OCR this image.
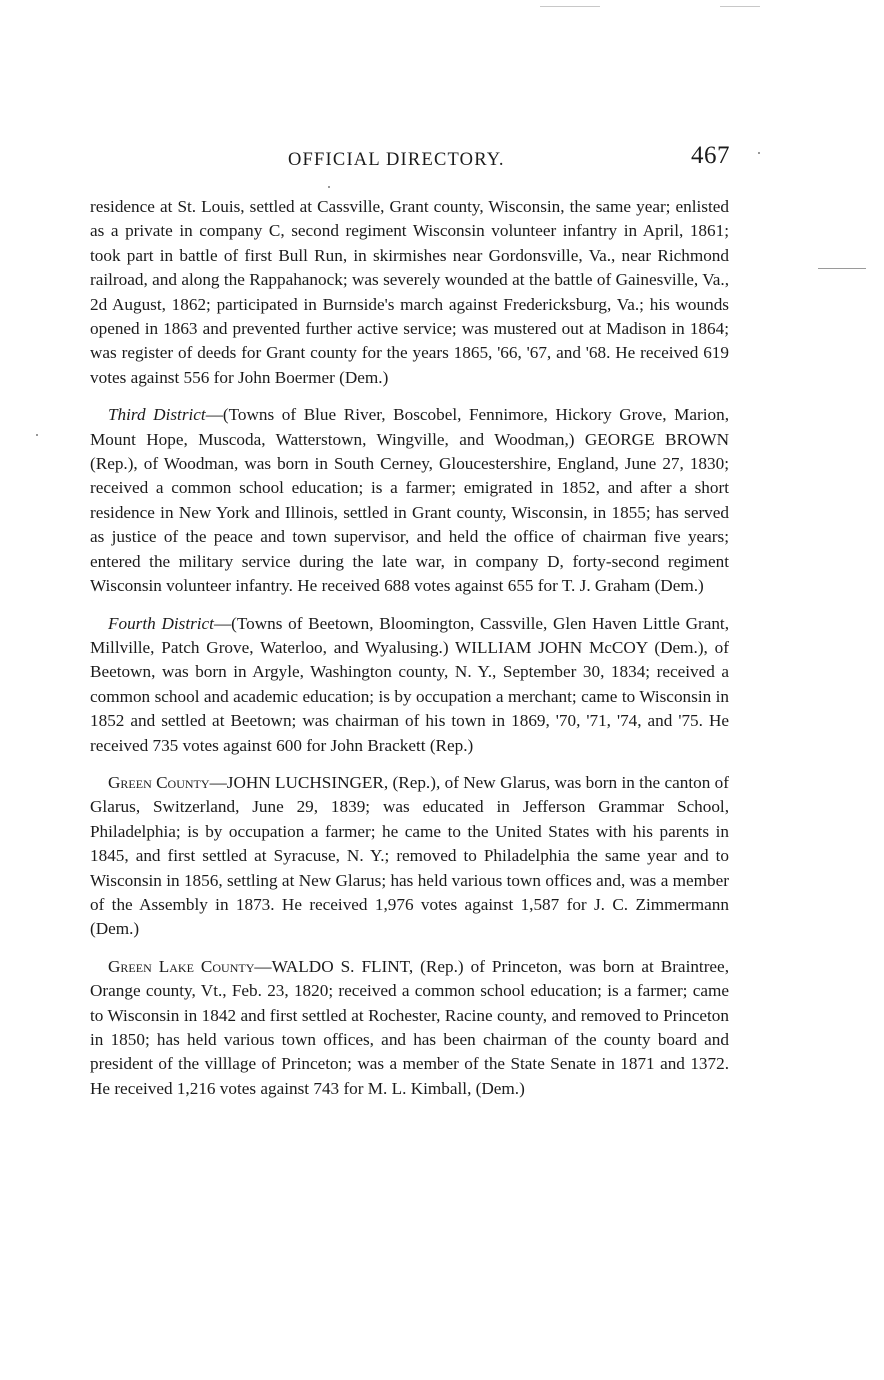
OFFICIAL DIRECTORY.	467

residence at St. Louis, settled at Cassville, Grant county, Wisconsin, the same year; enlisted as a private in company C, second regiment Wisconsin volunteer infantry in April, 1861; took part in battle of first Bull Run, in skirmishes near Gordonsville, Va., near Richmond railroad, and along the Rappahanock; was severely wounded at the battle of Gainesville, Va., 2d August, 1862; participated in Burnside's march against Fredericksburg, Va.; his wounds opened in 1863 and prevented further active service; was mustered out at Madison in 1864; was register of deeds for Grant county for the years 1865, '66, '67, and '68. He received 619 votes against 556 for John Boermer (Dem.)

Third District—(Towns of Blue River, Boscobel, Fennimore, Hickory Grove, Marion, Mount Hope, Muscoda, Watterstown, Wingville, and Woodman,) GEORGE BROWN (Rep.), of Woodman, was born in South Cerney, Gloucestershire, England, June 27, 1830; received a common school education; is a farmer; emigrated in 1852, and after a short residence in New York and Illinois, settled in Grant county, Wisconsin, in 1855; has served as justice of the peace and town supervisor, and held the office of chairman five years; entered the military service during the late war, in company D, forty-second regiment Wisconsin volunteer infantry. He received 688 votes against 655 for T. J. Graham (Dem.)

Fourth District—(Towns of Beetown, Bloomington, Cassville, Glen Haven Little Grant, Millville, Patch Grove, Waterloo, and Wyalusing.) WILLIAM JOHN McCOY (Dem.), of Beetown, was born in Argyle, Washington county, N. Y., September 30, 1834; received a common school and academic education; is by occupation a merchant; came to Wisconsin in 1852 and settled at Beetown; was chairman of his town in 1869, '70, '71, '74, and '75. He received 735 votes against 600 for John Brackett (Rep.)

Green County—JOHN LUCHSINGER, (Rep.), of New Glarus, was born in the canton of Glarus, Switzerland, June 29, 1839; was educated in Jefferson Grammar School, Philadelphia; is by occupation a farmer; he came to the United States with his parents in 1845, and first settled at Syracuse, N. Y.; removed to Philadelphia the same year and to Wisconsin in 1856, settling at New Glarus; has held various town offices and, was a member of the Assembly in 1873. He received 1,976 votes against 1,587 for J. C. Zimmermann (Dem.)

Green Lake County—WALDO S. FLINT, (Rep.) of Princeton, was born at Braintree, Orange county, Vt., Feb. 23, 1820; received a common school education; is a farmer; came to Wisconsin in 1842 and first settled at Rochester, Racine county, and removed to Princeton in 1850; has held various town offices, and has been chairman of the county board and president of the villlage of Princeton; was a member of the State Senate in 1871 and 1372. He received 1,216 votes against 743 for M. L. Kimball, (Dem.)
